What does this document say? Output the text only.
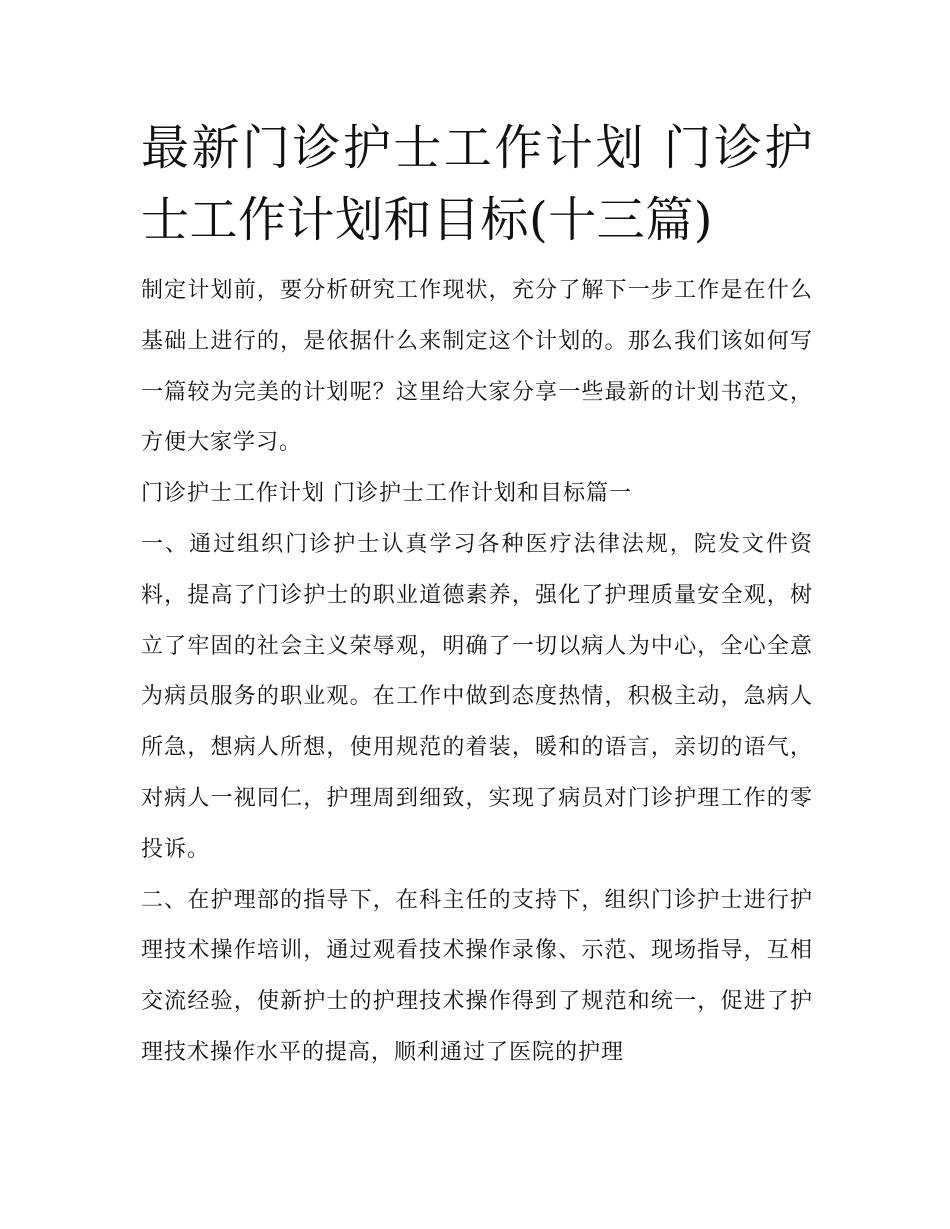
最新门诊护士工作计划 门诊护士工作计划和目标(十三篇)

制定计划前，要分析研究工作现状，充分了解下一步工作是在什么基础上进行的，是依据什么来制定这个计划的。那么我们该如何写一篇较为完美的计划呢？这里给大家分享一些最新的计划书范文，方便大家学习。

门诊护士工作计划 门诊护士工作计划和目标篇一

一、通过组织门诊护士认真学习各种医疗法律法规，院发文件资料，提高了门诊护士的职业道德素养，强化了护理质量安全观，树立了牢固的社会主义荣辱观，明确了一切以病人为中心，全心全意为病员服务的职业观。在工作中做到态度热情，积极主动，急病人所急，想病人所想，使用规范的着装，暖和的语言，亲切的语气，对病人一视同仁，护理周到细致，实现了病员对门诊护理工作的零投诉。

二、在护理部的指导下，在科主任的支持下，组织门诊护士进行护理技术操作培训，通过观看技术操作录像、示范、现场指导，互相交流经验，使新护士的护理技术操作得到了规范和统一，促进了护理技术操作水平的提高，顺利通过了医院的护理
